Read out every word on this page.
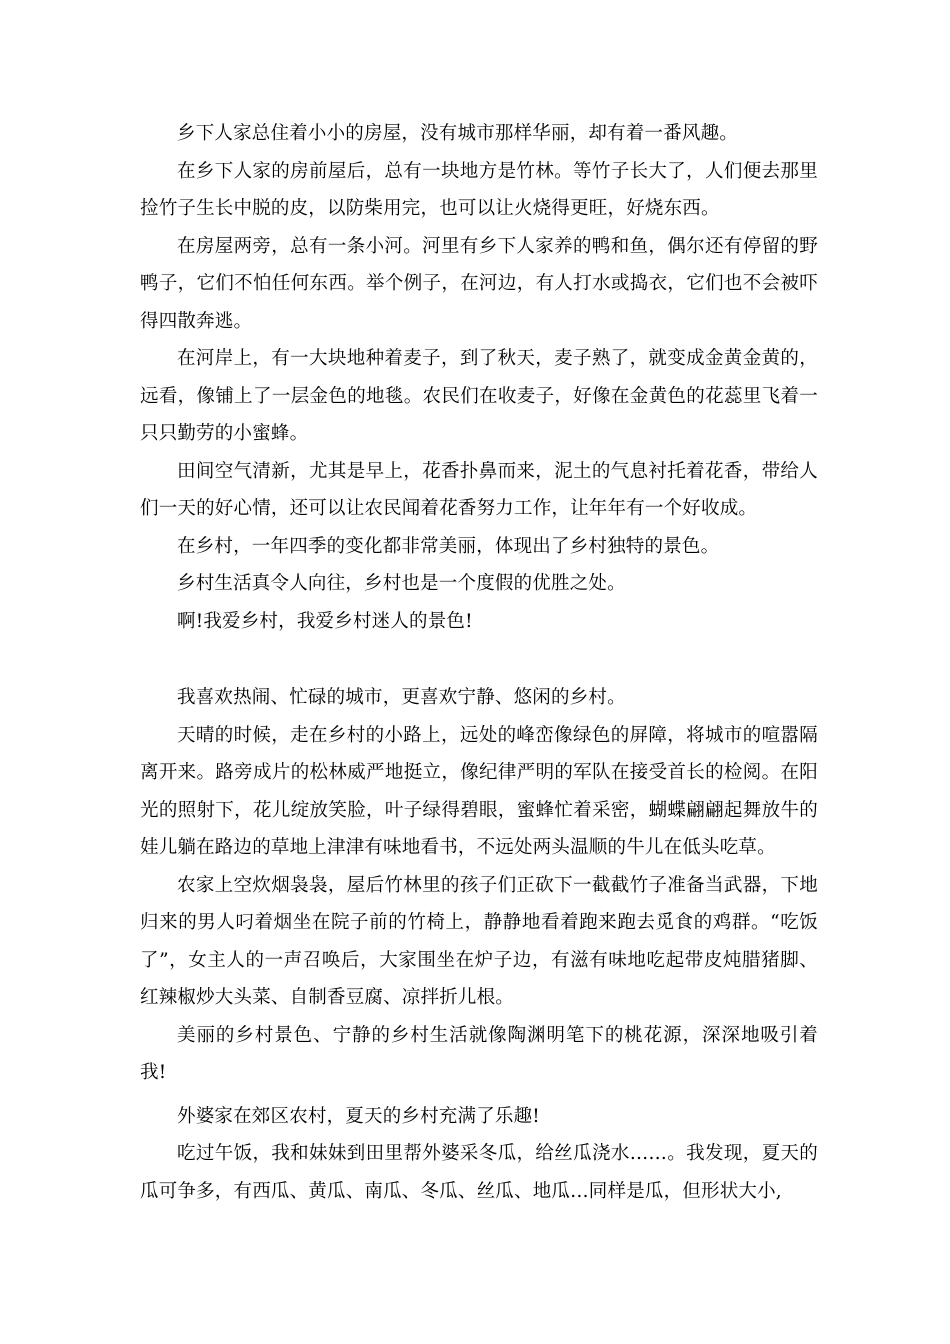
乡下人家总住着小小的房屋，没有城市那样华丽，却有着一番风趣。

在乡下人家的房前屋后，总有一块地方是竹林。等竹子长大了，人们便去那里捡竹子生长中脱的皮，以防柴用完，也可以让火烧得更旺，好烧东西。

在房屋两旁，总有一条小河。河里有乡下人家养的鸭和鱼，偶尔还有停留的野鸭子，它们不怕任何东西。举个例子，在河边，有人打水或捣衣，它们也不会被吓得四散奔逃。

在河岸上，有一大块地种着麦子，到了秋天，麦子熟了，就变成金黄金黄的，远看，像铺上了一层金色的地毯。农民们在收麦子，好像在金黄色的花蕊里飞着一只只勤劳的小蜜蜂。

田间空气清新，尤其是早上，花香扑鼻而来，泥土的气息衬托着花香，带给人们一天的好心情，还可以让农民闻着花香努力工作，让年年有一个好收成。

在乡村，一年四季的变化都非常美丽，体现出了乡村独特的景色。

乡村生活真令人向往，乡村也是一个度假的优胜之处。

啊!我爱乡村，我爱乡村迷人的景色!

我喜欢热闹、忙碌的城市，更喜欢宁静、悠闲的乡村。

天晴的时候，走在乡村的小路上，远处的峰峦像绿色的屏障，将城市的喧嚣隔离开来。路旁成片的松林威严地挺立，像纪律严明的军队在接受首长的检阅。在阳光的照射下，花儿绽放笑脸，叶子绿得碧眼，蜜蜂忙着采密，蝴蝶翩翩起舞放牛的娃儿躺在路边的草地上津津有味地看书，不远处两头温顺的牛儿在低头吃草。

农家上空炊烟袅袅，屋后竹林里的孩子们正砍下一截截竹子准备当武器，下地归来的男人叼着烟坐在院子前的竹椅上，静静地看着跑来跑去觅食的鸡群。“吃饭了”，女主人的一声召唤后，大家围坐在炉子边，有滋有味地吃起带皮炖腊猪脚、红辣椒炒大头菜、自制香豆腐、凉拌折儿根。

美丽的乡村景色、宁静的乡村生活就像陶渊明笔下的桃花源，深深地吸引着我!

外婆家在郊区农村，夏天的乡村充满了乐趣!

吃过午饭，我和妹妹到田里帮外婆采冬瓜，给丝瓜浇水……。我发现，夏天的瓜可争多，有西瓜、黄瓜、南瓜、冬瓜、丝瓜、地瓜…同样是瓜，但形状大小,
